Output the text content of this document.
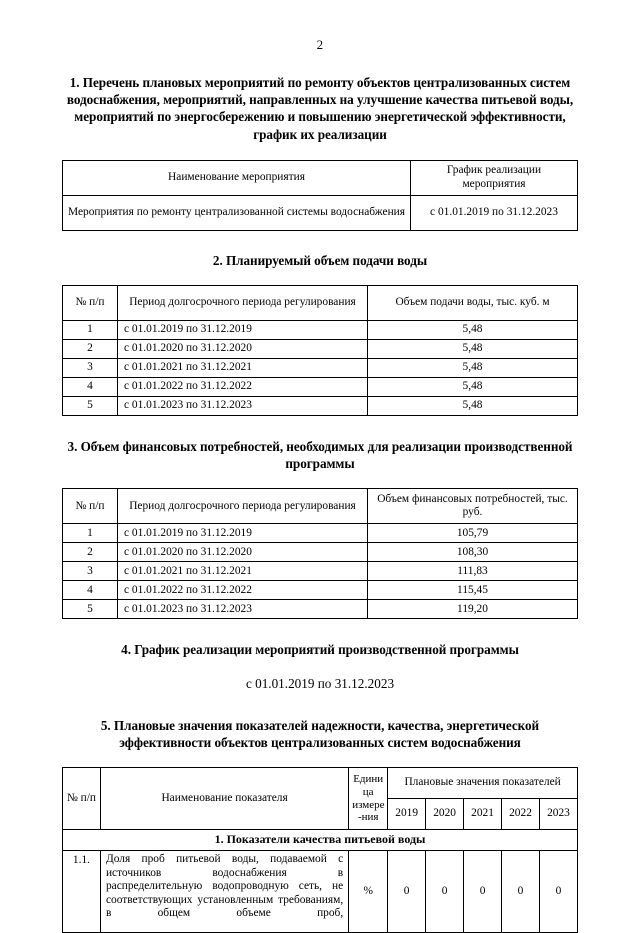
2
1. Перечень плановых мероприятий по ремонту объектов централизованных систем водоснабжения, мероприятий, направленных на улучшение качества питьевой воды, мероприятий по энергосбережению и повышению энергетической эффективности, график их реализации
Наименование мероприятия	График реализации мероприятия
Мероприятия по ремонту централизованной системы водоснабжения	с 01.01.2019 по 31.12.2023
2. Планируемый объем подачи воды
№ п/п	Период долгосрочного периода регулирования	Объем подачи воды, тыс. куб. м
1	с 01.01.2019 по 31.12.2019	5,48
2	с 01.01.2020 по 31.12.2020	5,48
3	с 01.01.2021 по 31.12.2021	5,48
4	с 01.01.2022 по 31.12.2022	5,48
5	с 01.01.2023 по 31.12.2023	5,48
3. Объем финансовых потребностей, необходимых для реализации производственной программы
№ п/п	Период долгосрочного периода регулирования	Объем финансовых потребностей, тыс. руб.
1	с 01.01.2019 по 31.12.2019	105,79
2	с 01.01.2020 по 31.12.2020	108,30
3	с 01.01.2021 по 31.12.2021	111,83
4	с 01.01.2022 по 31.12.2022	115,45
5	с 01.01.2023 по 31.12.2023	119,20
4. График реализации мероприятий производственной программы
с 01.01.2019 по 31.12.2023
5. Плановые значения показателей надежности, качества, энергетической эффективности объектов централизованных систем водоснабжения
№ п/п	Наименование показателя	Едини ца измере -ния	Плановые значения показателей				
			2019	2020	2021	2022	2023
1. Показатели качества питьевой воды							
1.1.	Доля проб питьевой воды, подаваемой с источников водоснабжения в распределительную водопроводную сеть, не соответствующих установленным требованиям, в общем объеме проб,	%	0	0	0	0	0
